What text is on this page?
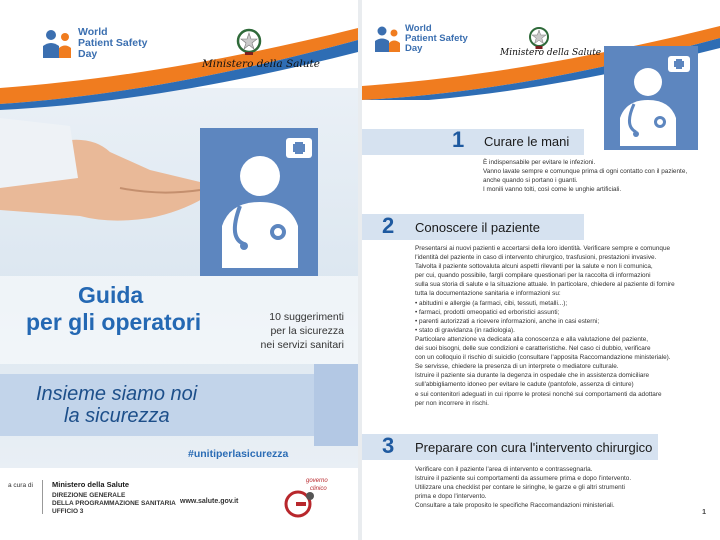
World
Patient Safety
Day
Ministero della Salute
Guida
per gli operatori	10 suggerimenti
per la sicurezza
nei servizi sanitari
Insieme siamo noi
la sicurezza
#unitiperlasicurezza
a cura di	Ministero della Salute
DIREZIONE GENERALE
DELLA PROGRAMMAZIONE SANITARIA
UFFICIO 3
www.salute.gov.it
governo
clinico
World
Patient Safety
Day	Ministero della Salute
1 Curare le mani

È indispensabile per evitare le infezioni.

Vanno lavate sempre e comunque prima di ogni contatto con il paziente,

anche quando si portano i guanti.

I monili vanno tolti, così come le unghie artificiali.

2 Conoscere il paziente

Presentarsi ai nuovi pazienti e accertarsi della loro identità. Verificare sempre e comunque

l'identità del paziente in caso di intervento chirurgico, trasfusioni, prestazioni invasive.

Talvolta il paziente sottovaluta alcuni aspetti rilevanti per la salute e non li comunica,

per cui, quando possibile, fargli compilare questionari per la raccolta di informazioni

sulla sua storia di salute e la situazione attuale. In particolare, chiedere al paziente di fornire

tutta la documentazione sanitaria e informazioni su:

• abitudini e allergie (a farmaci, cibi, tessuti, metalli...);

• farmaci, prodotti omeopatici ed erboristici assunti;

• parenti autorizzati a ricevere informazioni, anche in casi esterni;

• stato di gravidanza (in radiologia).

Particolare attenzione va dedicata alla conoscenza e alla valutazione del paziente,

dei suoi bisogni, delle sue condizioni e caratteristiche. Nel caso ci dubbio, verificare

con un colloquio il rischio di suicidio (consultare l'apposita Raccomandazione ministeriale).

Se servisse, chiedere la presenza di un interprete o mediatore culturale.

Istruire il paziente sia durante la degenza in ospedale che in assistenza domiciliare

sull'abbigliamento idoneo per evitare le cadute (pantofole, assenza di cinture)

e sui contenitori adeguati in cui riporre le protesi nonché sui comportamenti da adottare

per non incorrere in rischi.

3 Preparare con cura l'intervento chirurgico

Verificare con il paziente l'area di intervento e contrassegnarla.

Istruire il paziente sui comportamenti da assumere prima e dopo l'intervento.

Utilizzare una checklist per contare le siringhe, le garze e gli altri strumenti

prima e dopo l'intervento.

Consultare a tale proposito le specifiche Raccomandazioni ministeriali.

1
